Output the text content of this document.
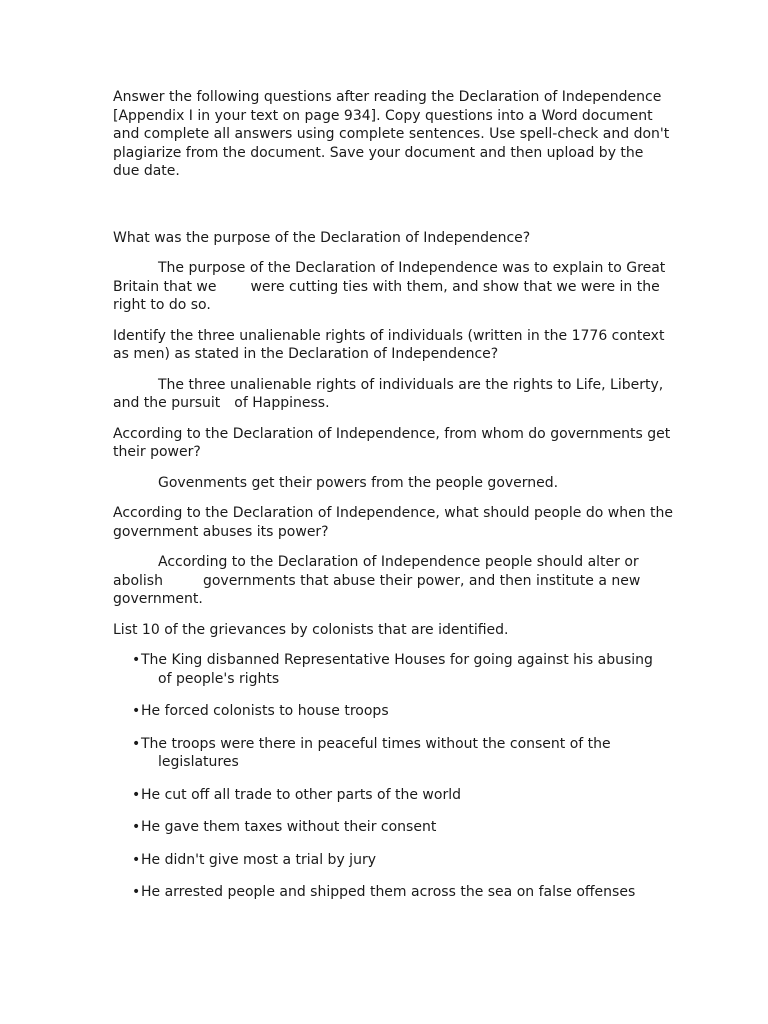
Answer the following questions after reading the Declaration of Independence [Appendix I in your text on page 934]. Copy questions into a Word document and complete all answers using complete sentences. Use spell-check and don't plagiarize from the document. Save your document and then upload by the due date.

What was the purpose of the Declaration of Independence?

The purpose of the Declaration of Independence was to explain to Great Britain that we were cutting ties with them, and show that we were in the right to do so.

Identify the three unalienable rights of individuals (written in the 1776 context as men) as stated in the Declaration of Independence?

The three unalienable rights of individuals are the rights to Life, Liberty, and the pursuit of Happiness.

According to the Declaration of Independence, from whom do governments get their power?

Govenments get their powers from the people governed.

According to the Declaration of Independence, what should people do when the government abuses its power?

According to the Declaration of Independence people should alter or abolish	governments that abuse their power, and then institute a new government.

List 10 of the grievances by colonists that are identified.

• The King disbanned Representative Houses for going against his abusing
of people's rights
• He forced colonists to house troops
• The troops were there in peaceful times without the consent of the
legislatures
• He cut off all trade to other parts of the world
• He gave them taxes without their consent
• He didn't give most a trial by jury
• He arrested people and shipped them across the sea on false offenses
